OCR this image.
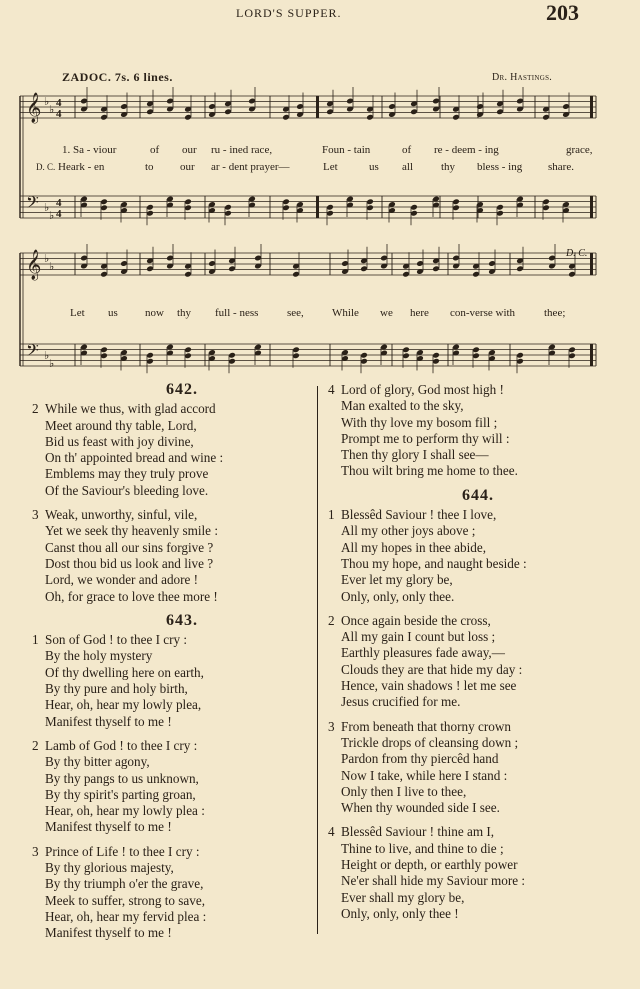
LORD'S SUPPER.	203
ZADOC. 7s. 6 lines.	Dr. Hastings.
𝄞
𝄢
♭
♭
♭
♭
4
4
4
4
𝄞
𝄢
♭
♭
♭
♭
D. C.
1. Sa - viour	of our ru - ined race,	Foun - tain	of re - deem - ing	grace,
D. C. Heark - en	to our ar - dent prayer—	Let	us all	thy bless - ing share.
Let us now thy full - ness	see,	While we here con-verse with	thee;
642.
2 While we thus, with glad accord
Meet around thy table, Lord,
Bid us feast with joy divine,
On th' appointed bread and wine :
Emblems may they truly prove
Of the Saviour's bleeding love.
3 Weak, unworthy, sinful, vile,
Yet we seek thy heavenly smile :
Canst thou all our sins forgive ?
Dost thou bid us look and live ?
Lord, we wonder and adore !
Oh, for grace to love thee more !
643.
1 Son of God ! to thee I cry :
By the holy mystery
Of thy dwelling here on earth,
By thy pure and holy birth,
Hear, oh, hear my lowly plea,
Manifest thyself to me !
2 Lamb of God ! to thee I cry :
By thy bitter agony,
By thy pangs to us unknown,
By thy spirit's parting groan,
Hear, oh, hear my lowly plea :
Manifest thyself to me !
3 Prince of Life ! to thee I cry :
By thy glorious majesty,
By thy triumph o'er the grave,
Meek to suffer, strong to save,
Hear, oh, hear my fervid plea :
Manifest thyself to me !
4 Lord of glory, God most high !
Man exalted to the sky,
With thy love my bosom fill ;
Prompt me to perform thy will :
Then thy glory I shall see—
Thou wilt bring me home to thee.
644.
1 Blessêd Saviour ! thee I love,
All my other joys above ;
All my hopes in thee abide,
Thou my hope, and naught beside :
Ever let my glory be,
Only, only, only thee.
2 Once again beside the cross,
All my gain I count but loss ;
Earthly pleasures fade away,—
Clouds they are that hide my day :
Hence, vain shadows ! let me see
Jesus crucified for me.
3 From beneath that thorny crown
Trickle drops of cleansing down ;
Pardon from thy piercêd hand
Now I take, while here I stand :
Only then I live to thee,
When thy wounded side I see.
4 Blessêd Saviour ! thine am I,
Thine to live, and thine to die ;
Height or depth, or earthly power
Ne'er shall hide my Saviour more :
Ever shall my glory be,
Only, only, only thee !
